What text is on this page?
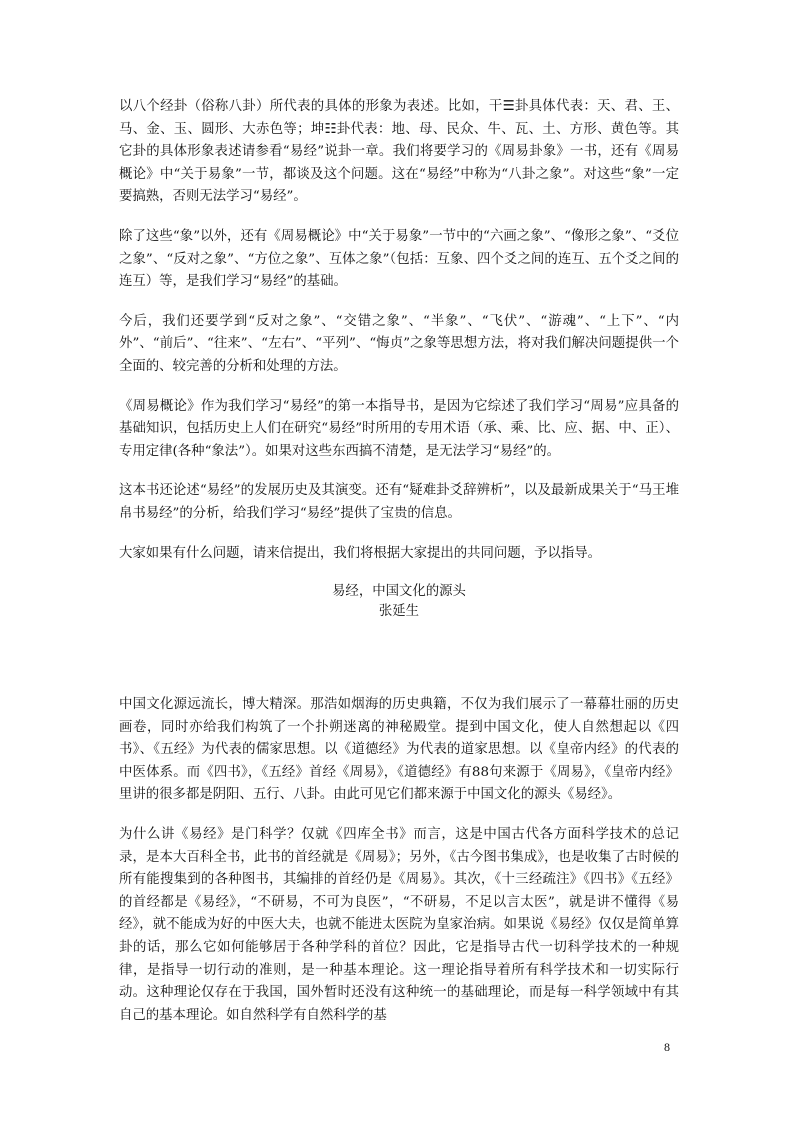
以八个经卦（俗称八卦）所代表的具体的形象为表述。比如，干☰卦具体代表：天、君、王、马、金、玉、圆形、大赤色等；坤☷卦代表：地、母、民众、牛、瓦、土、方形、黄色等。其它卦的具体形象表述请参看“易经”说卦一章。我们将要学习的《周易卦象》一书，还有《周易概论》中“关于易象”一节，都谈及这个问题。这在“易经”中称为“八卦之象”。对这些“象”一定要搞熟，否则无法学习“易经”。

除了这些“象”以外，还有《周易概论》中“关于易象”一节中的“六画之象”、“像形之象”、“爻位之象”、“反对之象”、“方位之象”、互体之象”（包括：互象、四个爻之间的连互、五个爻之间的连互）等，是我们学习“易经”的基础。

今后，我们还要学到“反对之象”、“交错之象”、“半象”、“飞伏”、“游魂”、“上下”、“内外”、“前后”、“往来”、“左右”、“平列”、“悔贞”之象等思想方法，将对我们解决问题提供一个全面的、较完善的分析和处理的方法。

《周易概论》作为我们学习“易经”的第一本指导书，是因为它综述了我们学习“周易”应具备的基础知识，包括历史上人们在研究“易经”时所用的专用术语（承、乘、比、应、据、中、正）、专用定律(各种“象法”）。如果对这些东西搞不清楚，是无法学习“易经”的。

这本书还论述“易经”的发展历史及其演变。还有“疑难卦爻辞辨析”，以及最新成果关于“马王堆帛书易经”的分析，给我们学习“易经”提供了宝贵的信息。

大家如果有什么问题，请来信提出，我们将根据大家提出的共同问题，予以指导。

易经，中国文化的源头
张延生

中国文化源远流长，博大精深。那浩如烟海的历史典籍，不仅为我们展示了一幕幕壮丽的历史画卷，同时亦给我们构筑了一个扑朔迷离的神秘殿堂。提到中国文化，使人自然想起以《四书》、《五经》为代表的儒家思想。以《道德经》为代表的道家思想。以《皇帝内经》的代表的中医体系。而《四书》，《五经》首经《周易》，《道德经》有88句来源于《周易》，《皇帝内经》里讲的很多都是阴阳、五行、八卦。由此可见它们都来源于中国文化的源头《易经》。

为什么讲《易经》是门科学？仅就《四库全书》而言，这是中国古代各方面科学技术的总记录，是本大百科全书，此书的首经就是《周易》；另外，《古今图书集成》，也是收集了古时候的所有能搜集到的各种图书，其编排的首经仍是《周易》。其次，《十三经疏注》《四书》《五经》的首经都是《易经》，“不研易，不可为良医”，“不研易，不足以言太医”，就是讲不懂得《易经》，就不能成为好的中医大夫，也就不能进太医院为皇家治病。如果说《易经》仅仅是简单算卦的话，那么它如何能够居于各种学科的首位？因此，它是指导古代一切科学技术的一种规律，是指导一切行动的准则，是一种基本理论。这一理论指导着所有科学技术和一切实际行动。这种理论仅存在于我国，国外暂时还没有这种统一的基础理论，而是每一科学领域中有其自己的基本理论。如自然科学有自然科学的基

8
